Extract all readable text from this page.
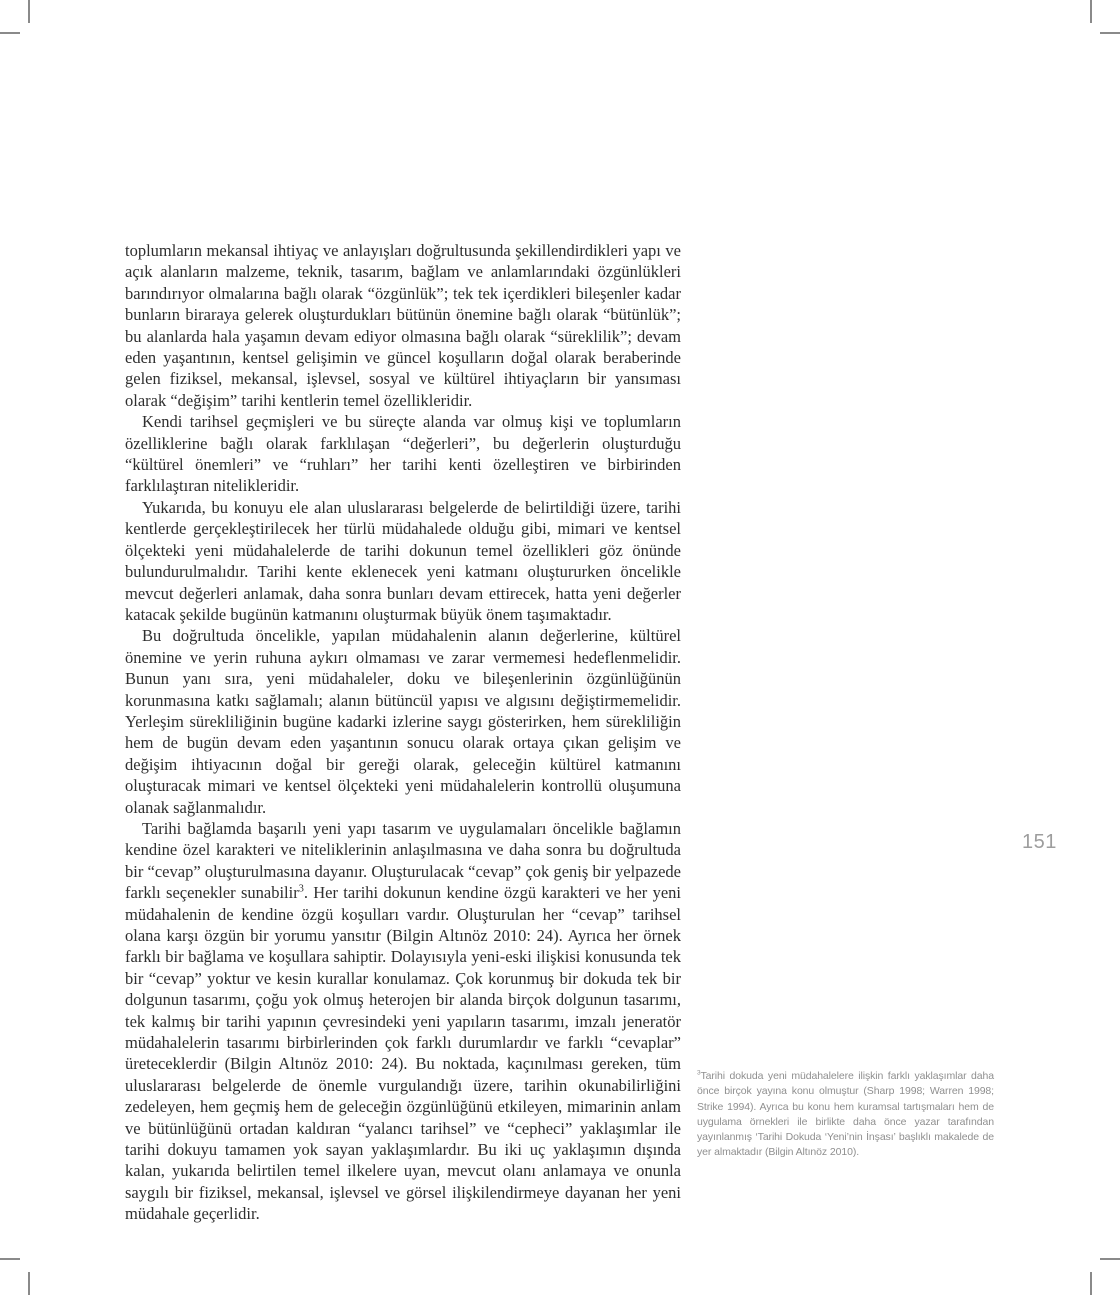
toplumların mekansal ihtiyaç ve anlayışları doğrultusunda şekillendirdikleri yapı ve açık alanların malzeme, teknik, tasarım, bağlam ve anlamlarındaki özgünlükleri barındırıyor olmalarına bağlı olarak “özgünlük”; tek tek içerdikleri bileşenler kadar bunların biraraya gelerek oluşturdukları bütünün önemine bağlı olarak “bütünlük”; bu alanlarda hala yaşamın devam ediyor olmasına bağlı olarak “süreklilik”; devam eden yaşantının, kentsel gelişimin ve güncel koşulların doğal olarak beraberinde gelen fiziksel, mekansal, işlevsel, sosyal ve kültürel ihtiyaçların bir yansıması olarak “değişim” tarihi kentlerin temel özellikleridir.

Kendi tarihsel geçmişleri ve bu süreçte alanda var olmuş kişi ve toplumların özelliklerine bağlı olarak farklılaşan “değerleri”, bu değerlerin oluşturduğu “kültürel önemleri” ve “ruhları” her tarihi kenti özelleştiren ve birbirinden farklılaştıran nitelikleridir.

Yukarıda, bu konuyu ele alan uluslararası belgelerde de belirtildiği üzere, tarihi kentlerde gerçekleştirilecek her türlü müdahalede olduğu gibi, mimari ve kentsel ölçekteki yeni müdahalelerde de tarihi dokunun temel özellikleri göz önünde bulundurulmalıdır. Tarihi kente eklenecek yeni katmanı oluştururken öncelikle mevcut değerleri anlamak, daha sonra bunları devam ettirecek, hatta yeni değerler katacak şekilde bugünün katmanını oluşturmak büyük önem taşımaktadır.

Bu doğrultuda öncelikle, yapılan müdahalenin alanın değerlerine, kültürel önemine ve yerin ruhuna aykırı olmaması ve zarar vermemesi hedeflenmelidir. Bunun yanı sıra, yeni müdahaleler, doku ve bileşenlerinin özgünlüğünün korunmasına katkı sağlamalı; alanın bütüncül yapısı ve algısını değiştirmemelidir. Yerleşim sürekliliğinin bugüne kadarki izlerine saygı gösterirken, hem sürekliliğin hem de bugün devam eden yaşantının sonucu olarak ortaya çıkan gelişim ve değişim ihtiyacının doğal bir gereği olarak, geleceğin kültürel katmanını oluşturacak mimari ve kentsel ölçekteki yeni müdahalelerin kontrollü oluşumuna olanak sağlanmalıdır.

Tarihi bağlamda başarılı yeni yapı tasarım ve uygulamaları öncelikle bağlamın kendine özel karakteri ve niteliklerinin anlaşılmasına ve daha sonra bu doğrultuda bir “cevap” oluşturulmasına dayanır. Oluşturulacak “cevap” çok geniş bir yelpazede farklı seçenekler sunabilir$^3$. Her tarihi dokunun kendine özgü karakteri ve her yeni müdahalenin de kendine özgü koşulları vardır. Oluşturulan her “cevap” tarihsel olana karşı özgün bir yorumu yansıtır (Bilgin Altınöz 2010: 24). Ayrıca her örnek farklı bir bağlama ve koşullara sahiptir. Dolayısıyla yeni-eski ilişkisi konusunda tek bir “cevap” yoktur ve kesin kurallar konulamaz. Çok korunmuş bir dokuda tek bir dolgunun tasarımı, çoğu yok olmuş heterojen bir alanda birçok dolgunun tasarımı, tek kalmış bir tarihi yapının çevresindeki yeni yapıların tasarımı, imzalı jeneratör müdahalelerin tasarımı birbirlerinden çok farklı durumlardır ve farklı “cevaplar” üreteceklerdir (Bilgin Altınöz 2010: 24). Bu noktada, kaçınılması gereken, tüm uluslararası belgelerde de önemle vurgulandığı üzere, tarihin okunabilirliğini zedeleyen, hem geçmiş hem de geleceğin özgünlüğünü etkileyen, mimarinin anlam ve bütünlüğünü ortadan kaldıran “yalancı tarihsel” ve “cepheci” yaklaşımlar ile tarihi dokuyu tamamen yok sayan yaklaşımlardır. Bu iki uç yaklaşımın dışında kalan, yukarıda belirtilen temel ilkelere uyan, mevcut olanı anlamaya ve onunla saygılı bir fiziksel, mekansal, işlevsel ve görsel ilişkilendirmeye dayanan her yeni müdahale geçerlidir.

151
$^3$Tarihi dokuda yeni müdahalelere ilişkin farklı yaklaşımlar daha önce birçok yayına konu olmuştur (Sharp 1998; Warren 1998; Strike 1994). Ayrıca bu konu hem kuramsal tartışmaları hem de uygulama örnekleri ile birlikte daha önce yazar tarafından yayınlanmış ‘Tarihi Dokuda ‘Yeni’nin İnşası’ başlıklı makalede de yer almaktadır (Bilgin Altınöz 2010).
